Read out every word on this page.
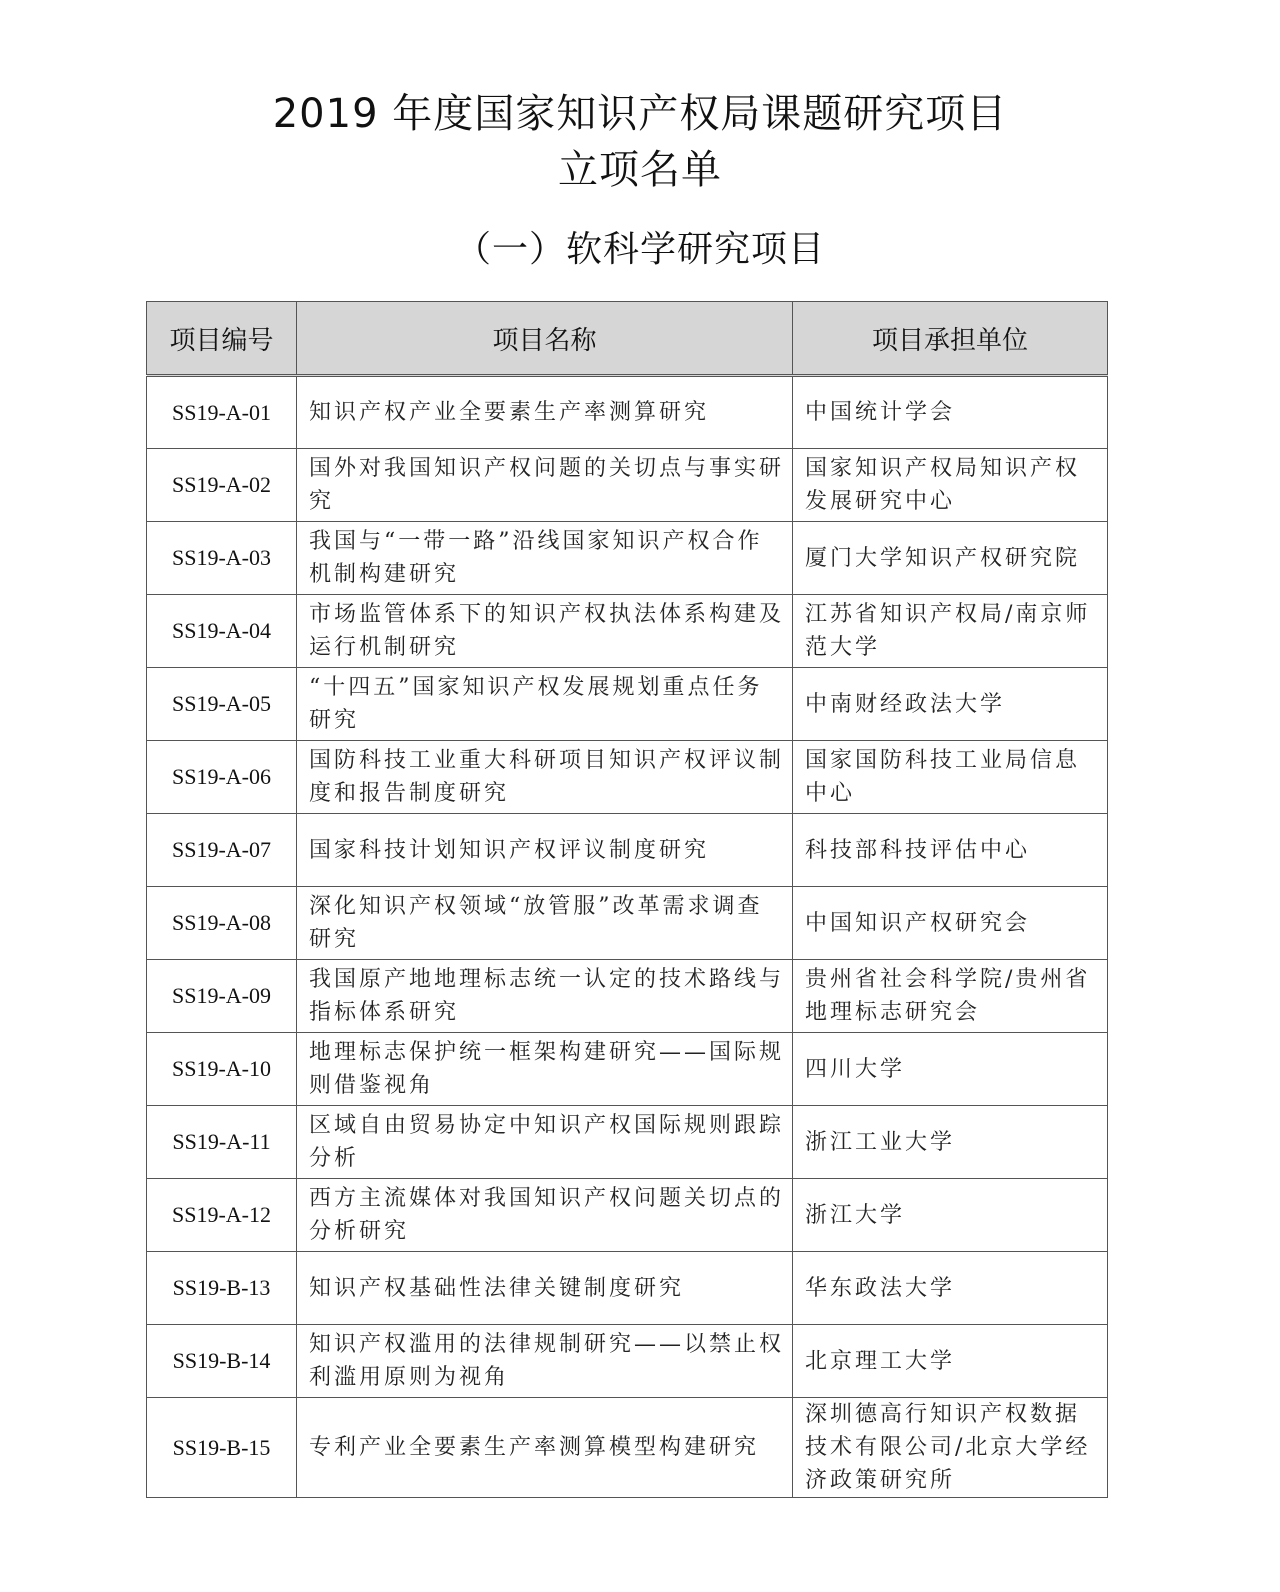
2019 年度国家知识产权局课题研究项目
立项名单
（一）软科学研究项目
项目编号	项目名称	项目承担单位
SS19-A-01	知识产权产业全要素生产率测算研究	中国统计学会
SS19-A-02	国外对我国知识产权问题的关切点与事实研究	国家知识产权局知识产权发展研究中心
SS19-A-03	我国与“一带一路”沿线国家知识产权合作机制构建研究	厦门大学知识产权研究院
SS19-A-04	市场监管体系下的知识产权执法体系构建及运行机制研究	江苏省知识产权局/南京师范大学
SS19-A-05	“十四五”国家知识产权发展规划重点任务研究	中南财经政法大学
SS19-A-06	国防科技工业重大科研项目知识产权评议制度和报告制度研究	国家国防科技工业局信息中心
SS19-A-07	国家科技计划知识产权评议制度研究	科技部科技评估中心
SS19-A-08	深化知识产权领域“放管服”改革需求调查研究	中国知识产权研究会
SS19-A-09	我国原产地地理标志统一认定的技术路线与指标体系研究	贵州省社会科学院/贵州省地理标志研究会
SS19-A-10	地理标志保护统一框架构建研究——国际规则借鉴视角	四川大学
SS19-A-11	区域自由贸易协定中知识产权国际规则跟踪分析	浙江工业大学
SS19-A-12	西方主流媒体对我国知识产权问题关切点的分析研究	浙江大学
SS19-B-13	知识产权基础性法律关键制度研究	华东政法大学
SS19-B-14	知识产权滥用的法律规制研究——以禁止权利滥用原则为视角	北京理工大学
SS19-B-15	专利产业全要素生产率测算模型构建研究	深圳德高行知识产权数据技术有限公司/北京大学经济政策研究所
